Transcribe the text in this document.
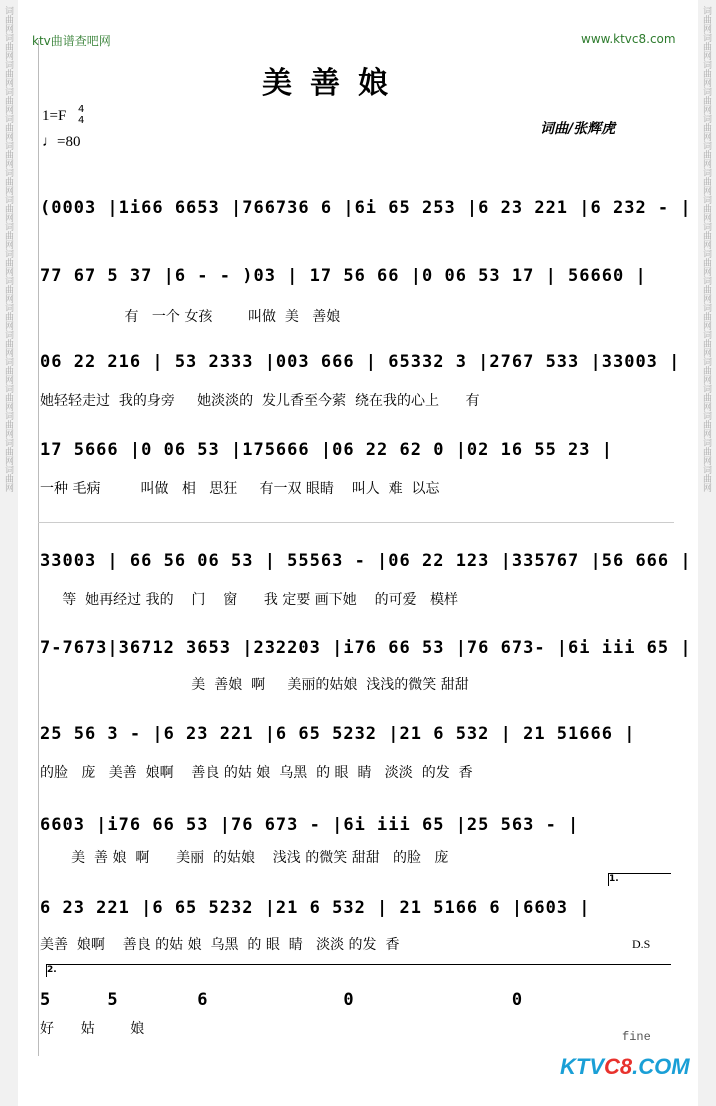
词曲网词曲网词曲网词曲网词曲网词曲网词曲网词曲网词曲网词曲网词曲网词曲网词曲网词曲网词曲网词曲网词曲网词曲网	词曲网词曲网词曲网词曲网词曲网词曲网词曲网词曲网词曲网词曲网词曲网词曲网词曲网词曲网词曲网词曲网词曲网词曲网
ktv曲谱查吧网	www.ktvc8.com
美善娘
1=F 4
4
♩=80
词曲/张辉虎
(0003 |1i66 6653 |766736 6 |6i 65 253 |6 23 221 |6 232 - |
77 67 5 37 |6 - - )03 | 17 56 66 |0 06 53 17 | 56660 |
有   一个 女孩        叫做  美   善娘
06 22 216 | 53 2333 |003 666 | 65332 3 |2767 533 |33003 |
她轻轻走过  我的身旁     她淡淡的  发儿香至今萦  绕在我的心上      有
17 5666 |0 06 53 |175666 |06 22 62 0 |02 16 55 23 |
一种 毛病         叫做   相   思狂     有一双 眼睛    叫人  难  以忘
33003 | 66 56 06 53 | 55563 - |06 22 123 |335767 |56 666 |
等  她再经过 我的    门    窗      我 定要 画下她    的可爱   模样
7-7673|36712 3653 |232203 |i76 66 53 |76 673- |6i iii 65 |
美  善娘  啊     美丽的姑娘  浅浅的微笑 甜甜
25 56 3 - |6 23 221 |6 65 5232 |21 6 532 | 21 51666 |
的脸   庞   美善  娘啊    善良 的姑 娘  乌黑  的 眼  睛   淡淡  的发  香
6603 |i76 66 53 |76 673 - |6i iii 65 |25 563 - |
美  善 娘  啊      美丽  的姑娘    浅浅 的微笑 甜甜   的脸   庞
6 23 221 |6 65 5232 |21 6 532 | 21 5166 6 |6603 |
美善  娘啊    善良 的姑 娘  乌黑  的 眼  睛   淡淡 的发  香
1.
D.S
2.
5     5       6            0              0
好      姑        娘	fine
KTVC8.COM
